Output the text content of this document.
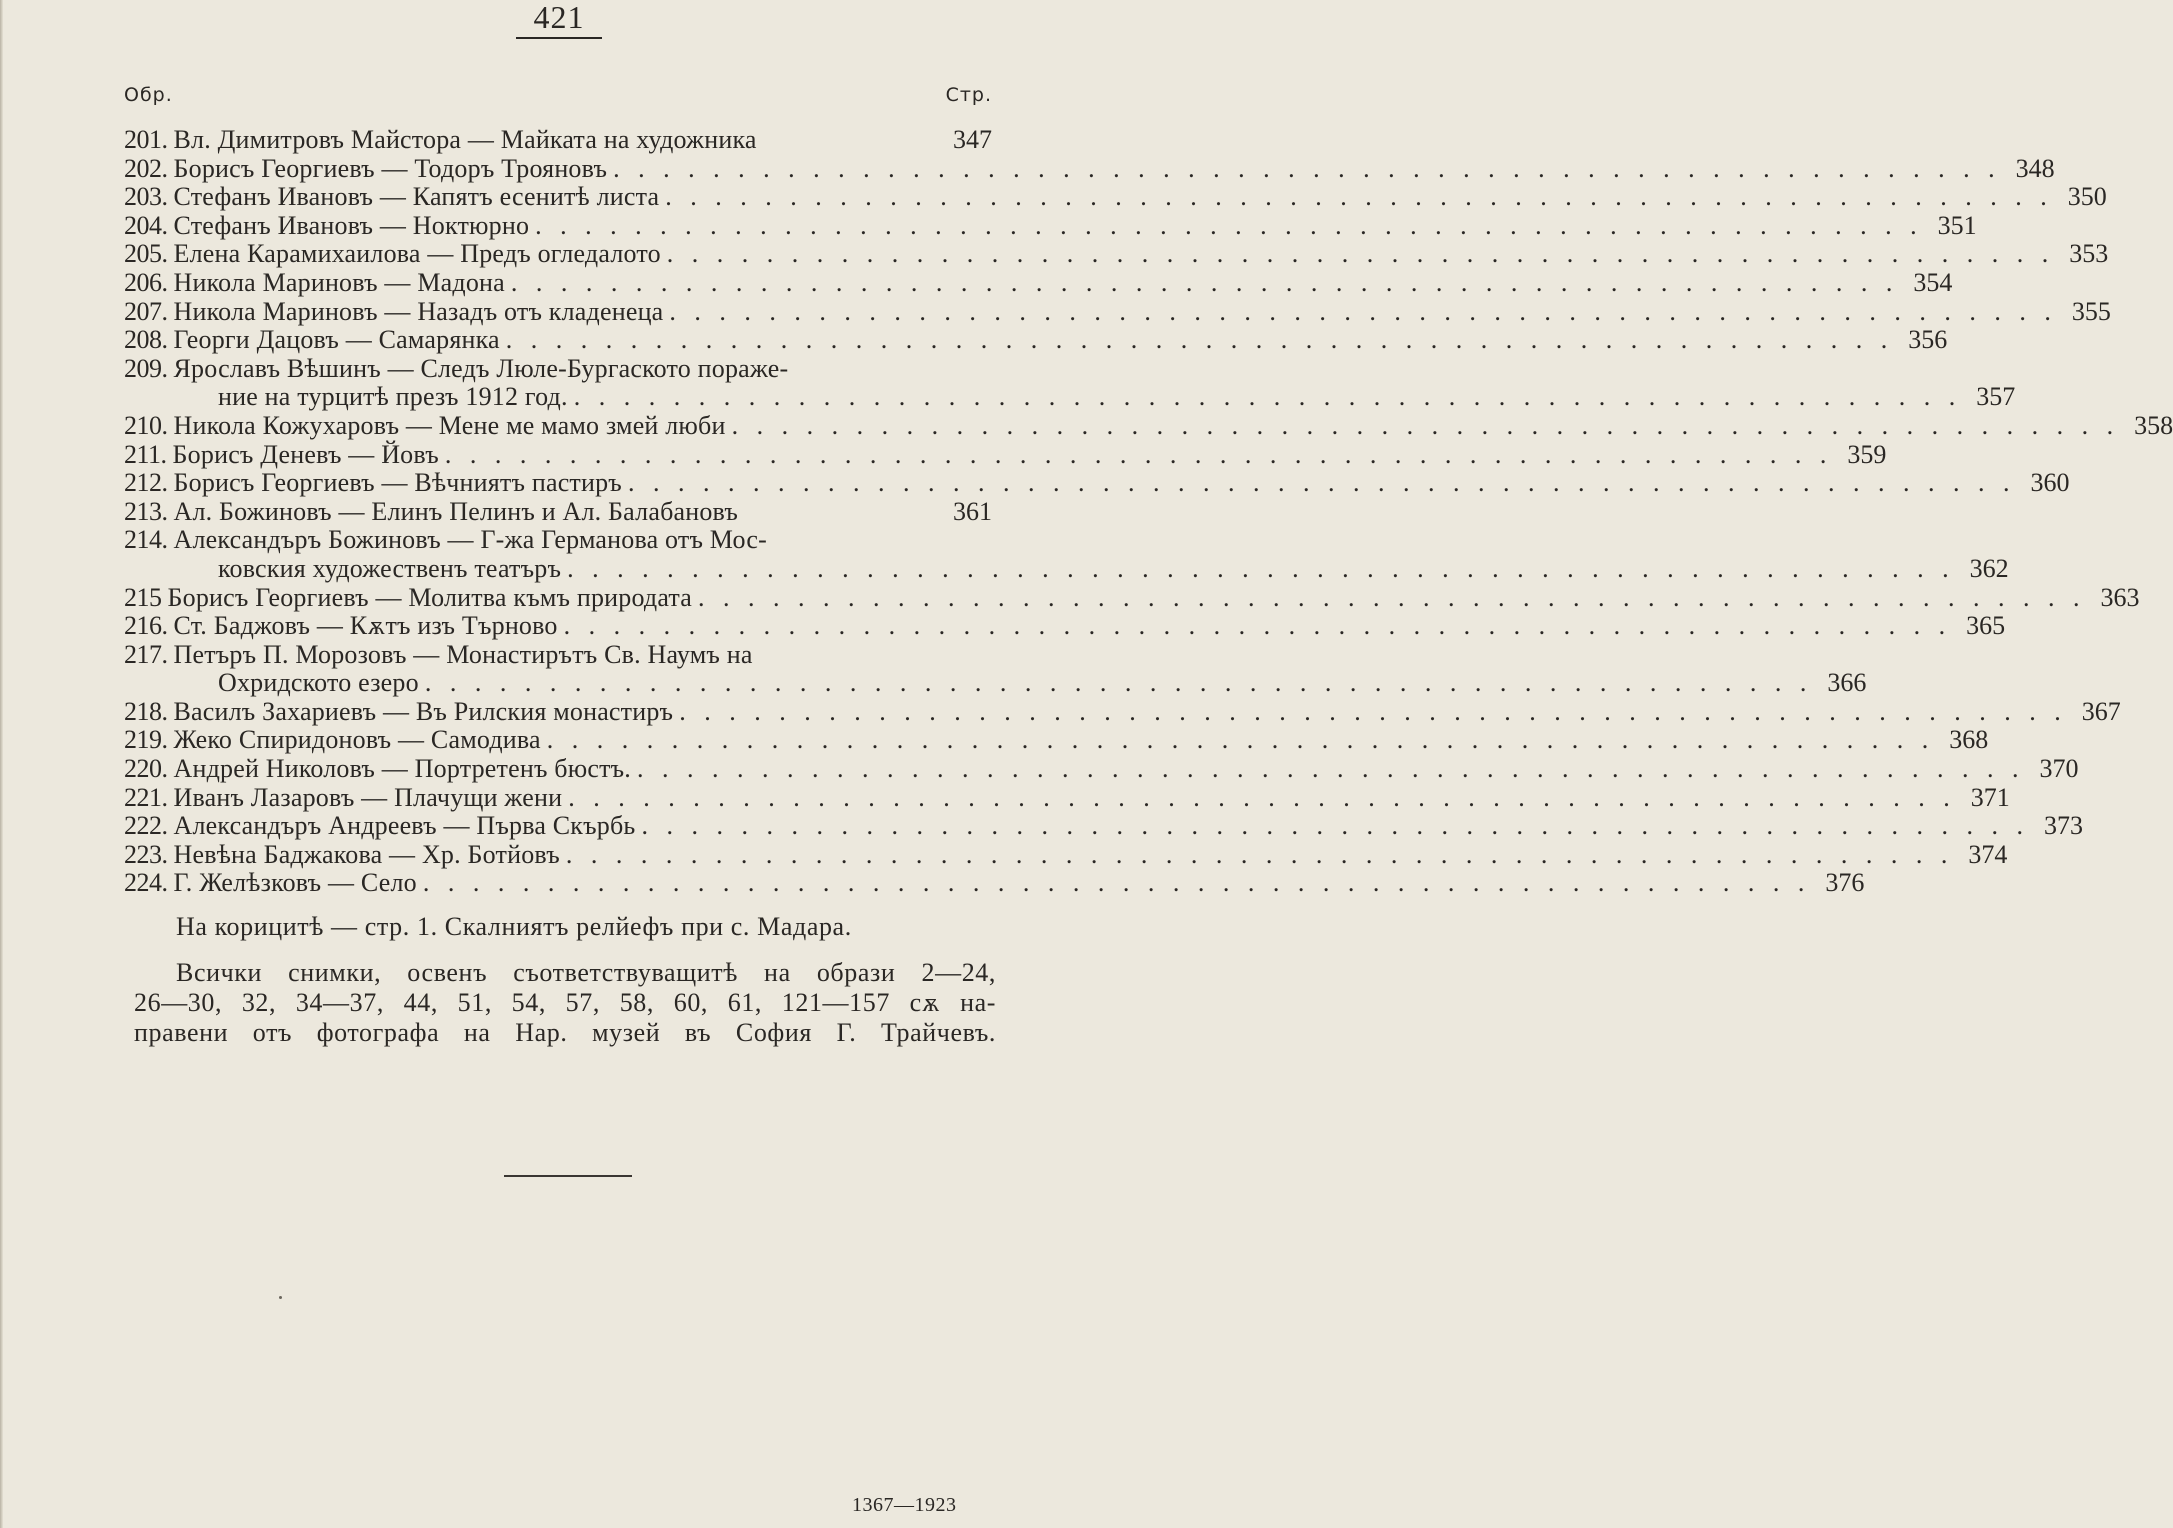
421
Обр.	Стр.
201. Вл. Димитровъ Майстора — Майката на художника	347
202. Борисъ Георгиевъ — Тодоръ Трояновъ . . .	348
203. Стефанъ Ивановъ — Капятъ есенитѣ листа . . .	350
204. Стефанъ Ивановъ — Ноктюрно . . .	351
205. Елена Карамихаилова — Предъ огледалото . . .	353
206. Никола Мариновъ — Мадона . . .	354
207. Никола Мариновъ — Назадъ отъ кладенеца . . .	355
208. Георги Дацовъ — Самарянка . . .	356
209. Ярославъ Вѣшинъ — Следъ Люле-Бургаското пораже-
ние на турцитѣ презъ 1912 год. . . .	357
210. Никола Кожухаровъ — Мене ме мамо змей люби . . .	358
211. Борисъ Деневъ — Йовъ . . .	359
212. Борисъ Георгиевъ — Вѣчниятъ пастиръ . . .	360
213. Ал. Божиновъ — Елинъ Пелинъ и Ал. Балабановъ	361
214. Александъръ Божиновъ — Г-жа Германова отъ Мос-
ковския художественъ театъръ . . .	362
215 Борисъ Георгиевъ — Молитва къмъ природата . . .	363
216. Ст. Баджовъ — Кѫтъ изъ Търново . . .	365
217. Петъръ П. Морозовъ — Монастирътъ Св. Наумъ на
Охридското езеро . . .	366
218. Василъ Захариевъ — Въ Рилския монастиръ . . .	367
219. Жеко Спиридоновъ — Самодива . . .	368
220. Андрей Николовъ — Портретенъ бюстъ. . . .	370
221. Иванъ Лазаровъ — Плачущи жени . . .	371
222. Александъръ Андреевъ — Първа Скърбь . . .	373
223. Невѣна Баджакова — Хр. Ботйовъ . . .	374
224. Г. Желѣзковъ — Село . . .	376
На корицитѣ — стр. 1. Скалниятъ релйефъ при с. Мадара.
Всички снимки, освенъ съответствуващитѣ на образи 2—24,
26—30, 32, 34—37, 44, 51, 54, 57, 58, 60, 61, 121—157 сѫ на-
правени отъ фотографа на Нар. музей въ София Г. Трайчевъ.
1367—1923
